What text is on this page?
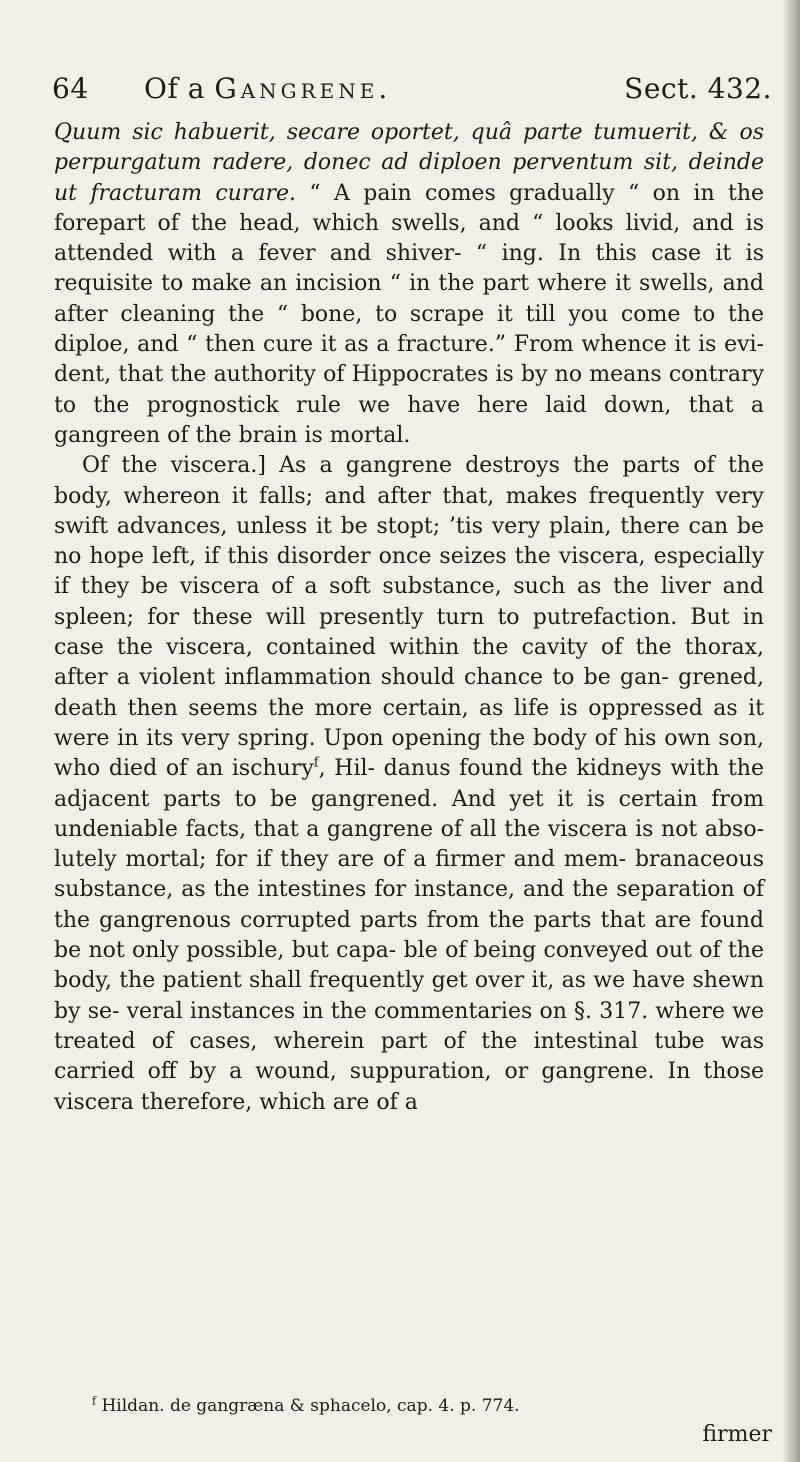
64 Of a Gangrene.	Sect. 432.

Quum sic habuerit, secare oportet, quâ parte tumuerit, & os perpurgatum radere, donec ad diploen perventum sit, deinde ut fracturam curare. “ A pain comes gradually “ on in the forepart of the head, which swells, and “ looks livid, and is attended with a fever and shiver- “ ing. In this case it is requisite to make an incision “ in the part where it swells, and after cleaning the “ bone, to scrape it till you come to the diploe, and “ then cure it as a fracture.” From whence it is evi- dent, that the authority of Hippocrates is by no means contrary to the prognostick rule we have here laid down, that a gangreen of the brain is mortal.

Of the viscera.] As a gangrene destroys the parts of the body, whereon it falls; and after that, makes frequently very swift advances, unless it be stopt; ’tis very plain, there can be no hope left, if this disorder once seizes the viscera, especially if they be viscera of a soft substance, such as the liver and spleen; for these will presently turn to putrefaction. But in case the viscera, contained within the cavity of the thorax, after a violent inflammation should chance to be gan- grened, death then seems the more certain, as life is oppressed as it were in its very spring. Upon opening the body of his own son, who died of an ischury$^f$, Hil- danus found the kidneys with the adjacent parts to be gangrened. And yet it is certain from undeniable facts, that a gangrene of all the viscera is not abso- lutely mortal; for if they are of a firmer and mem- branaceous substance, as the intestines for instance, and the separation of the gangrenous corrupted parts from the parts that are found be not only possible, but capa- ble of being conveyed out of the body, the patient shall frequently get over it, as we have shewn by se- veral instances in the commentaries on §. 317. where we treated of cases, wherein part of the intestinal tube was carried off by a wound, suppuration, or gangrene. In those viscera therefore, which are of a

$^f$ Hildan. de gangræna & sphacelo, cap. 4. p. 774.
firmer
